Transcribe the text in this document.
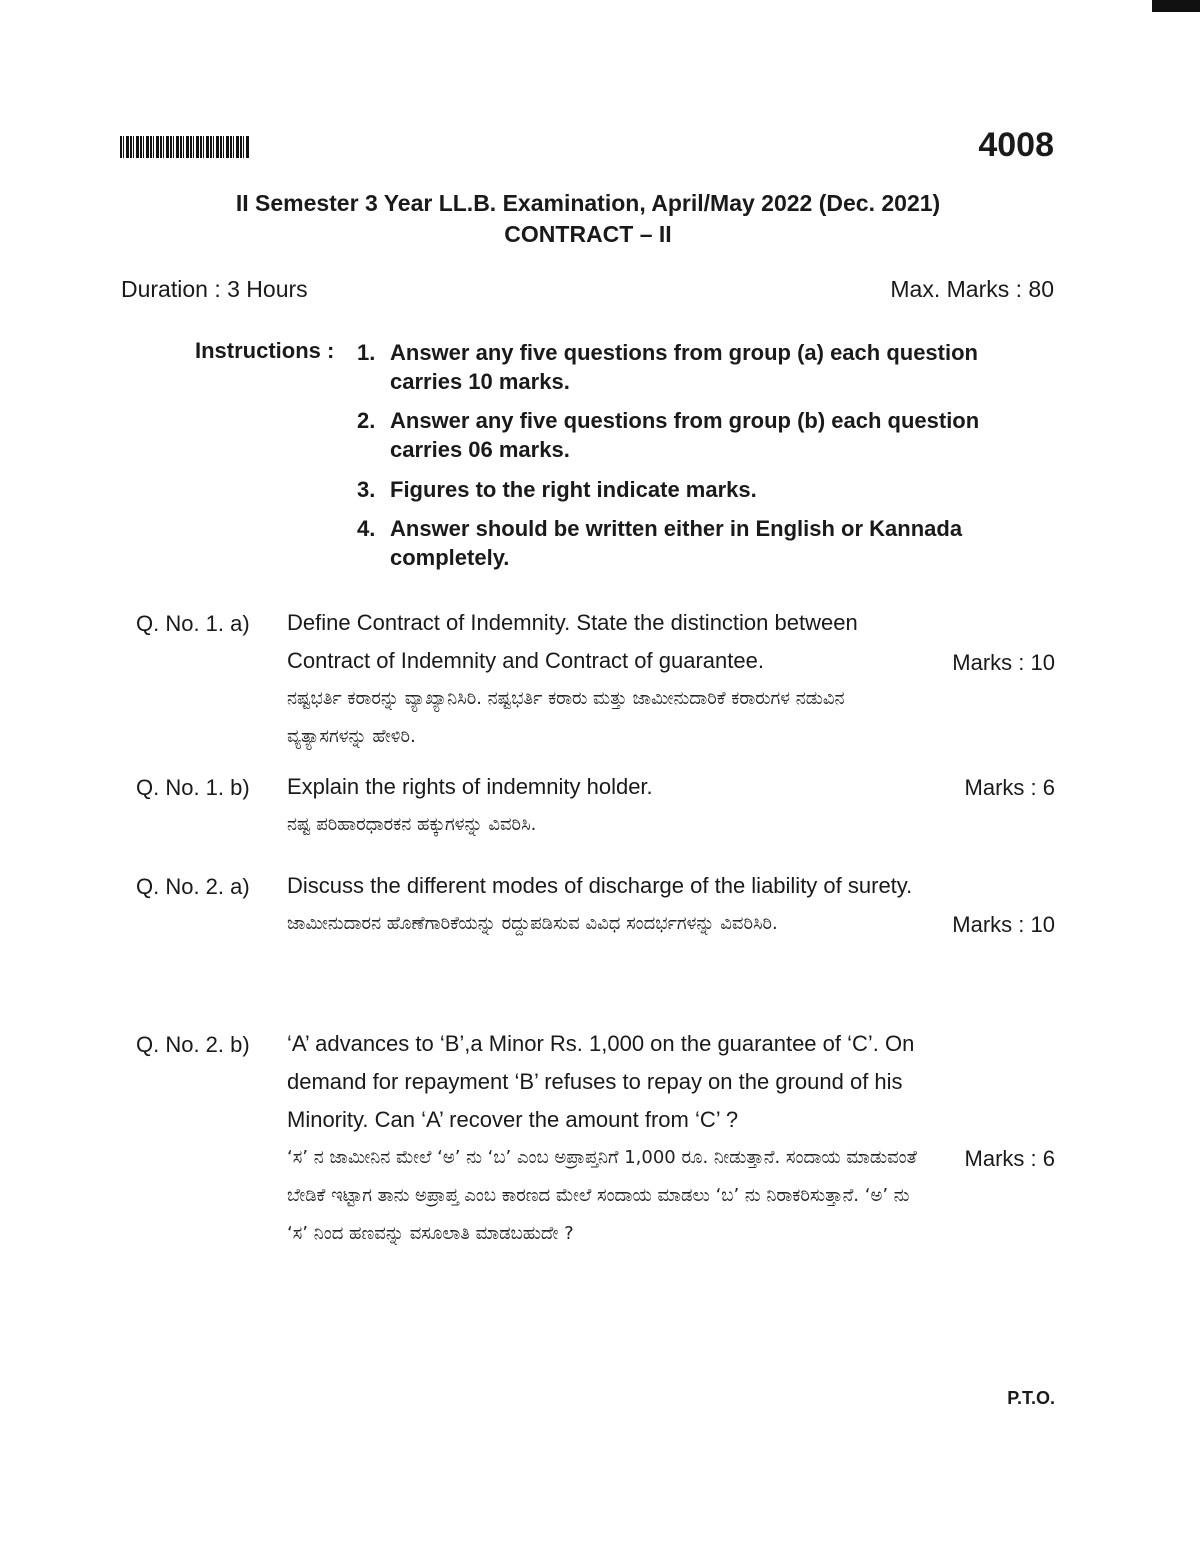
4008
II Semester 3 Year LL.B. Examination, April/May 2022 (Dec. 2021)
CONTRACT – II
Duration : 3 Hours	Max. Marks : 80
Instructions : 1. Answer any five questions from group (a) each question carries 10 marks.
2. Answer any five questions from group (b) each question carries 06 marks.
3. Figures to the right indicate marks.
4. Answer should be written either in English or Kannada completely.
Q. No. 1. a) Define Contract of Indemnity. State the distinction between Contract of Indemnity and Contract of guarantee.
ನಷ್ಟಭರ್ತಿ ಕರಾರನ್ನು ವ್ಯಾಖ್ಯಾನಿಸಿರಿ. ನಷ್ಟಭರ್ತಿ ಕರಾರು ಮತ್ತು ಜಾಮೀನುದಾರಿಕೆ ಕರಾರುಗಳ ನಡುವಿನ ವ್ಯತ್ಯಾಸಗಳನ್ನು ಹೇಳಿರಿ.
Marks : 10
Q. No. 1. b) Explain the rights of indemnity holder.
ನಷ್ಟ ಪರಿಹಾರಧಾರಕನ ಹಕ್ಕುಗಳನ್ನು ವಿವರಿಸಿ.
Marks : 6
Q. No. 2. a) Discuss the different modes of discharge of the liability of surety.
ಜಾಮೀನುದಾರನ ಹೊಣೆಗಾರಿಕೆಯನ್ನು ರದ್ದುಪಡಿಸುವ ವಿವಿಧ ಸಂದರ್ಭಗಳನ್ನು ವಿವರಿಸಿರಿ.	Marks : 10
Q. No. 2. b) ‘A’ advances to ‘B’,a Minor Rs. 1,000 on the guarantee of ‘C’. On demand for repayment ‘B’ refuses to repay on the ground of his Minority. Can ‘A’ recover the amount from ‘C’ ?
‘ಸ’ ನ ಜಾಮೀನಿನ ಮೇಲೆ ‘ಅ’ ನು ‘ಬ’ ಎಂಬ ಅಪ್ರಾಪ್ತನಿಗೆ 1,000 ರೂ. ನೀಡುತ್ತಾನೆ. ಸಂದಾಯ ಮಾಡುವಂತೆ ಬೇಡಿಕೆ ಇಟ್ಟಾಗ ತಾನು ಅಪ್ರಾಪ್ತ ಎಂಬ ಕಾರಣದ ಮೇಲೆ ಸಂದಾಯ ಮಾಡಲು ‘ಬ’ ನು ನಿರಾಕರಿಸುತ್ತಾನೆ. ‘ಅ’ ನು ‘ಸ’ ನಿಂದ ಹಣವನ್ನು ವಸೂಲಾತಿ ಮಾಡಬಹುದೇ ?
Marks : 6
P.T.O.
